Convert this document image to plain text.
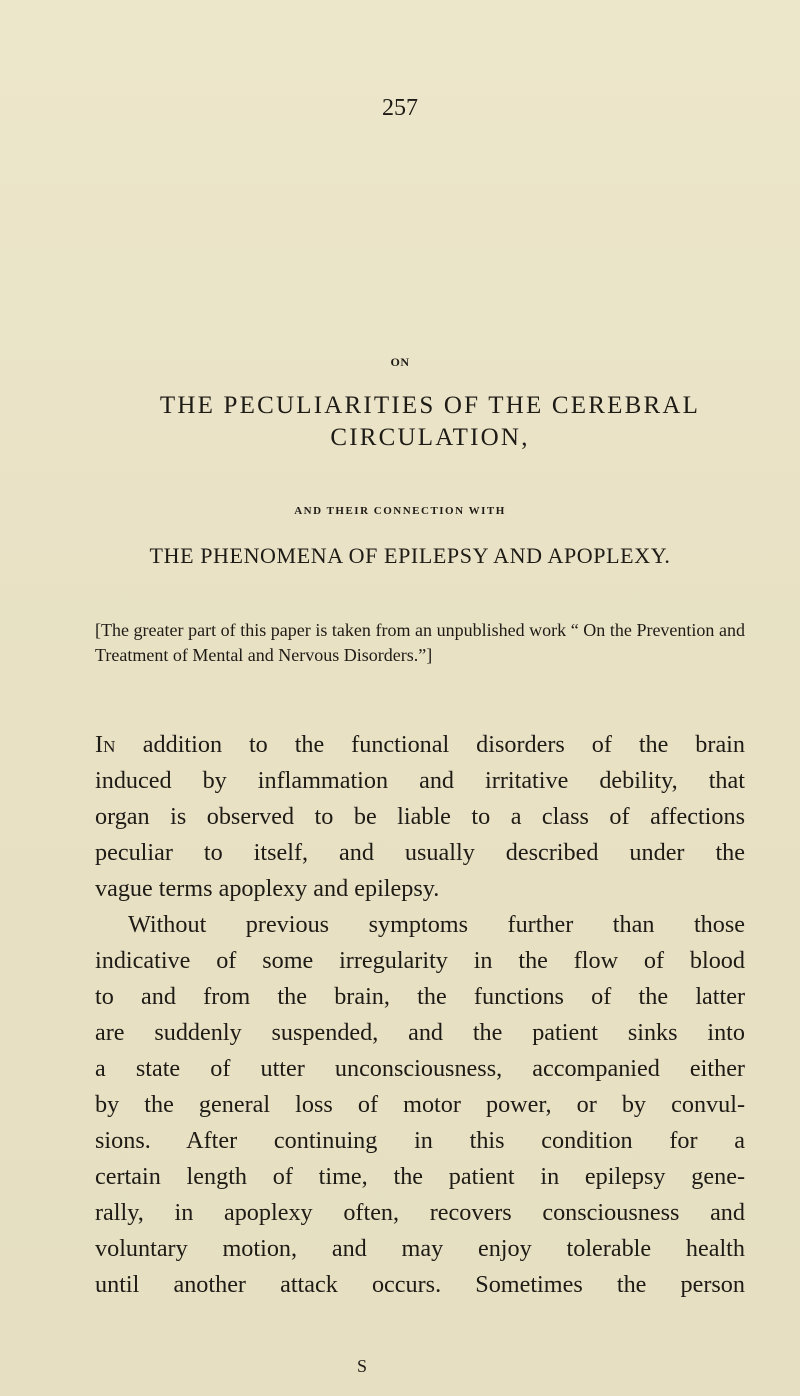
257
ON
THE PECULIARITIES OF THE CEREBRAL
CIRCULATION,
AND THEIR CONNECTION WITH
THE PHENOMENA OF EPILEPSY AND APOPLEXY.
[The greater part of this paper is taken from an unpublished work “ On the Prevention and Treatment of Mental and Nervous Disorders.”]
IN addition to the functional disorders of the brain
induced by inflammation and irritative debility, that
organ is observed to be liable to a class of affections
peculiar to itself, and usually described under the
vague terms apoplexy and epilepsy.
Without previous symptoms further than those
indicative of some irregularity in the flow of blood
to and from the brain, the functions of the latter
are suddenly suspended, and the patient sinks into
a state of utter unconsciousness, accompanied either
by the general loss of motor power, or by convul-
sions. After continuing in this condition for a
certain length of time, the patient in epilepsy gene-
rally, in apoplexy often, recovers consciousness and
voluntary motion, and may enjoy tolerable health
until another attack occurs. Sometimes the person
S
